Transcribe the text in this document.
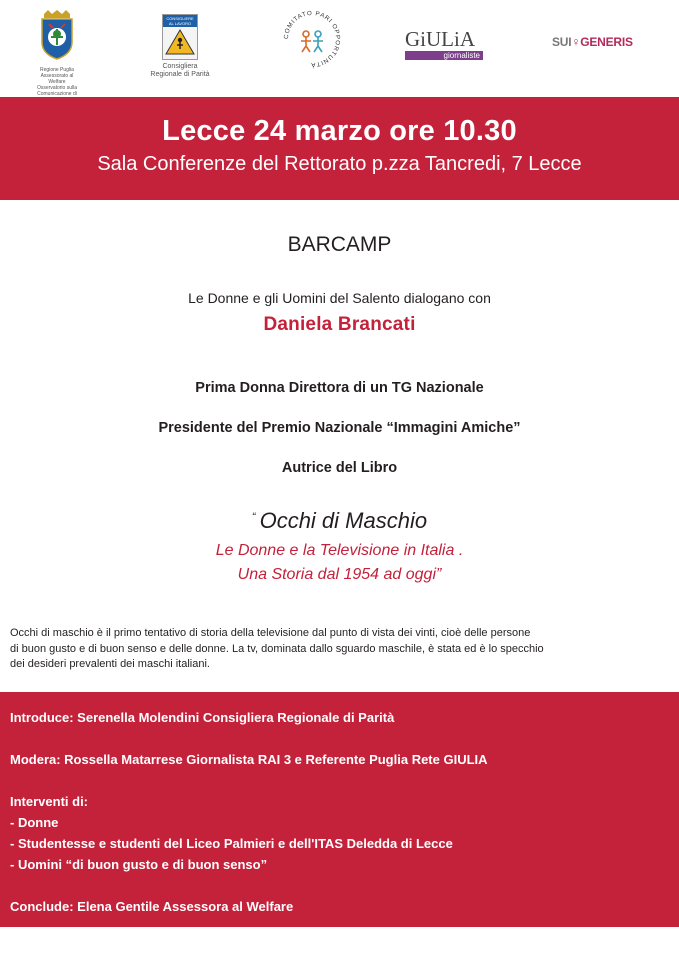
Regione Puglia Assessorato al Welfare Osservatorio sulla Comunicazione di
CONSIGLIERE AL LAVORO
Consigliera Regionale di Parità
COMITATO PARI OPPORTUNITÀ
GiULiA
giornaliste
SUI♀GENERIS
Lecce 24 marzo ore 10.30
Sala Conferenze del Rettorato p.zza Tancredi, 7 Lecce
BARCAMP
Le Donne e gli Uomini del Salento dialogano con
Daniela Brancati
Prima Donna Direttora di un TG Nazionale
Presidente del Premio Nazionale “Immagini Amiche”
Autrice del Libro
“ Occhi di Maschio
Le Donne e la Televisione in Italia .
Una Storia dal 1954 ad oggi”
Occhi di maschio è il primo tentativo di storia della televisione dal punto di vista dei vinti, cioè delle persone
di buon gusto e di buon senso e delle donne. La tv, dominata dallo sguardo maschile, è stata ed è lo specchio
dei desideri prevalenti dei maschi italiani.
Introduce: Serenella Molendini Consigliera Regionale di Parità
Modera: Rossella Matarrese Giornalista RAI 3 e Referente Puglia Rete GIULIA
Interventi di:
- Donne
- Studentesse e studenti del Liceo Palmieri e dell'ITAS Deledda di Lecce
- Uomini “di buon gusto e di buon senso”
Conclude: Elena Gentile Assessora al Welfare
